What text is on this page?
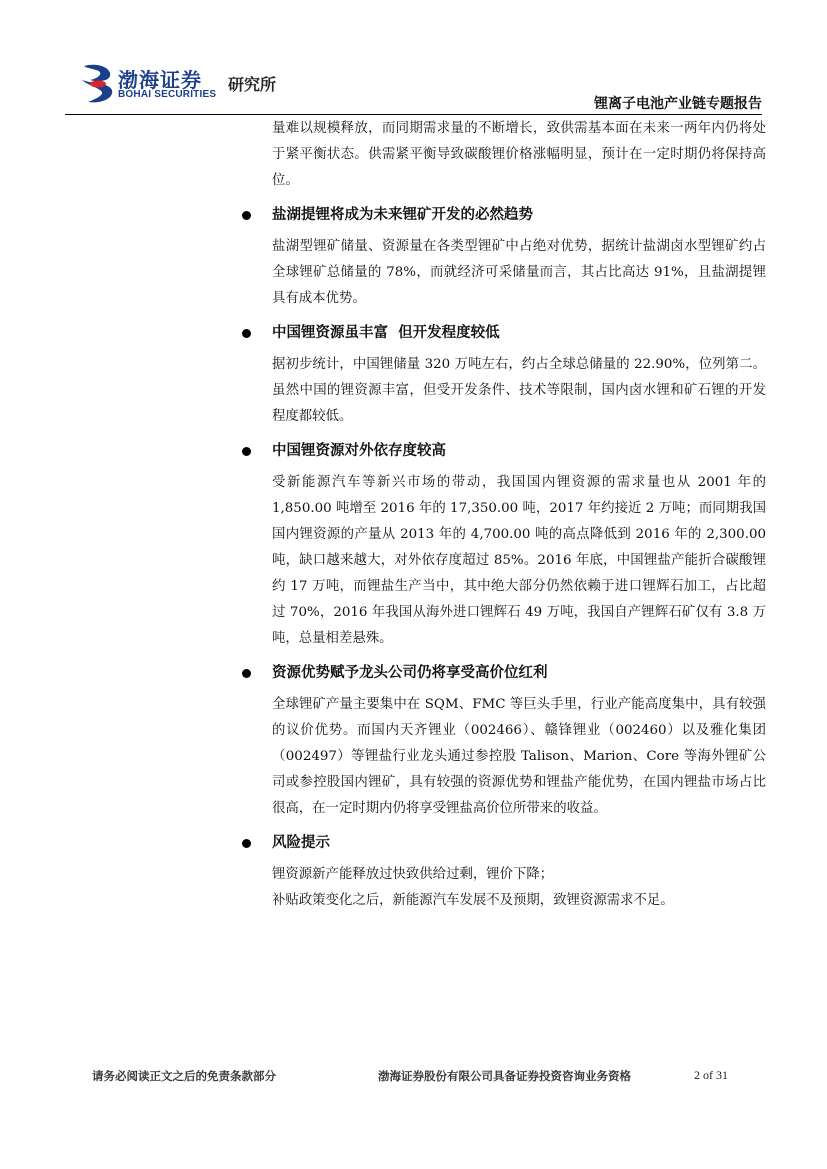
渤海证券
BOHAI SECURITIES
研究所
锂离子电池产业链专题报告

量难以规模释放，而同期需求量的不断增长，致供需基本面在未来一两年内仍将处于紧平衡状态。供需紧平衡导致碳酸锂价格涨幅明显，预计在一定时期仍将保持高位。

盐湖提锂将成为未来锂矿开发的必然趋势

盐湖型锂矿储量、资源量在各类型锂矿中占绝对优势，据统计盐湖卤水型锂矿约占全球锂矿总储量的 78%，而就经济可采储量而言，其占比高达 91%，且盐湖提锂具有成本优势。

中国锂资源虽丰富  但开发程度较低

据初步统计，中国锂储量 320 万吨左右，约占全球总储量的 22.90%，位列第二。虽然中国的锂资源丰富，但受开发条件、技术等限制，国内卤水锂和矿石锂的开发程度都较低。

中国锂资源对外依存度较高

受新能源汽车等新兴市场的带动，我国国内锂资源的需求量也从 2001 年的 1,850.00 吨增至 2016 年的 17,350.00 吨，2017 年约接近 2 万吨；而同期我国国内锂资源的产量从 2013 年的 4,700.00 吨的高点降低到 2016 年的 2,300.00 吨，缺口越来越大，对外依存度超过 85%。2016 年底，中国锂盐产能折合碳酸锂约 17 万吨，而锂盐生产当中，其中绝大部分仍然依赖于进口锂辉石加工，占比超过 70%，2016 年我国从海外进口锂辉石 49 万吨，我国自产锂辉石矿仅有 3.8 万吨，总量相差悬殊。

资源优势赋予龙头公司仍将享受高价位红利

全球锂矿产量主要集中在 SQM、FMC 等巨头手里，行业产能高度集中，具有较强的议价优势。而国内天齐锂业（002466）、赣锋锂业（002460）以及雅化集团（002497）等锂盐行业龙头通过参控股 Talison、Marion、Core 等海外锂矿公司或参控股国内锂矿，具有较强的资源优势和锂盐产能优势，在国内锂盐市场占比很高，在一定时期内仍将享受锂盐高价位所带来的收益。

风险提示

锂资源新产能释放过快致供给过剩，锂价下降；

补贴政策变化之后，新能源汽车发展不及预期，致锂资源需求不足。

请务必阅读正文之后的免责条款部分	渤海证券股份有限公司具备证券投资咨询业务资格	2 of 31
